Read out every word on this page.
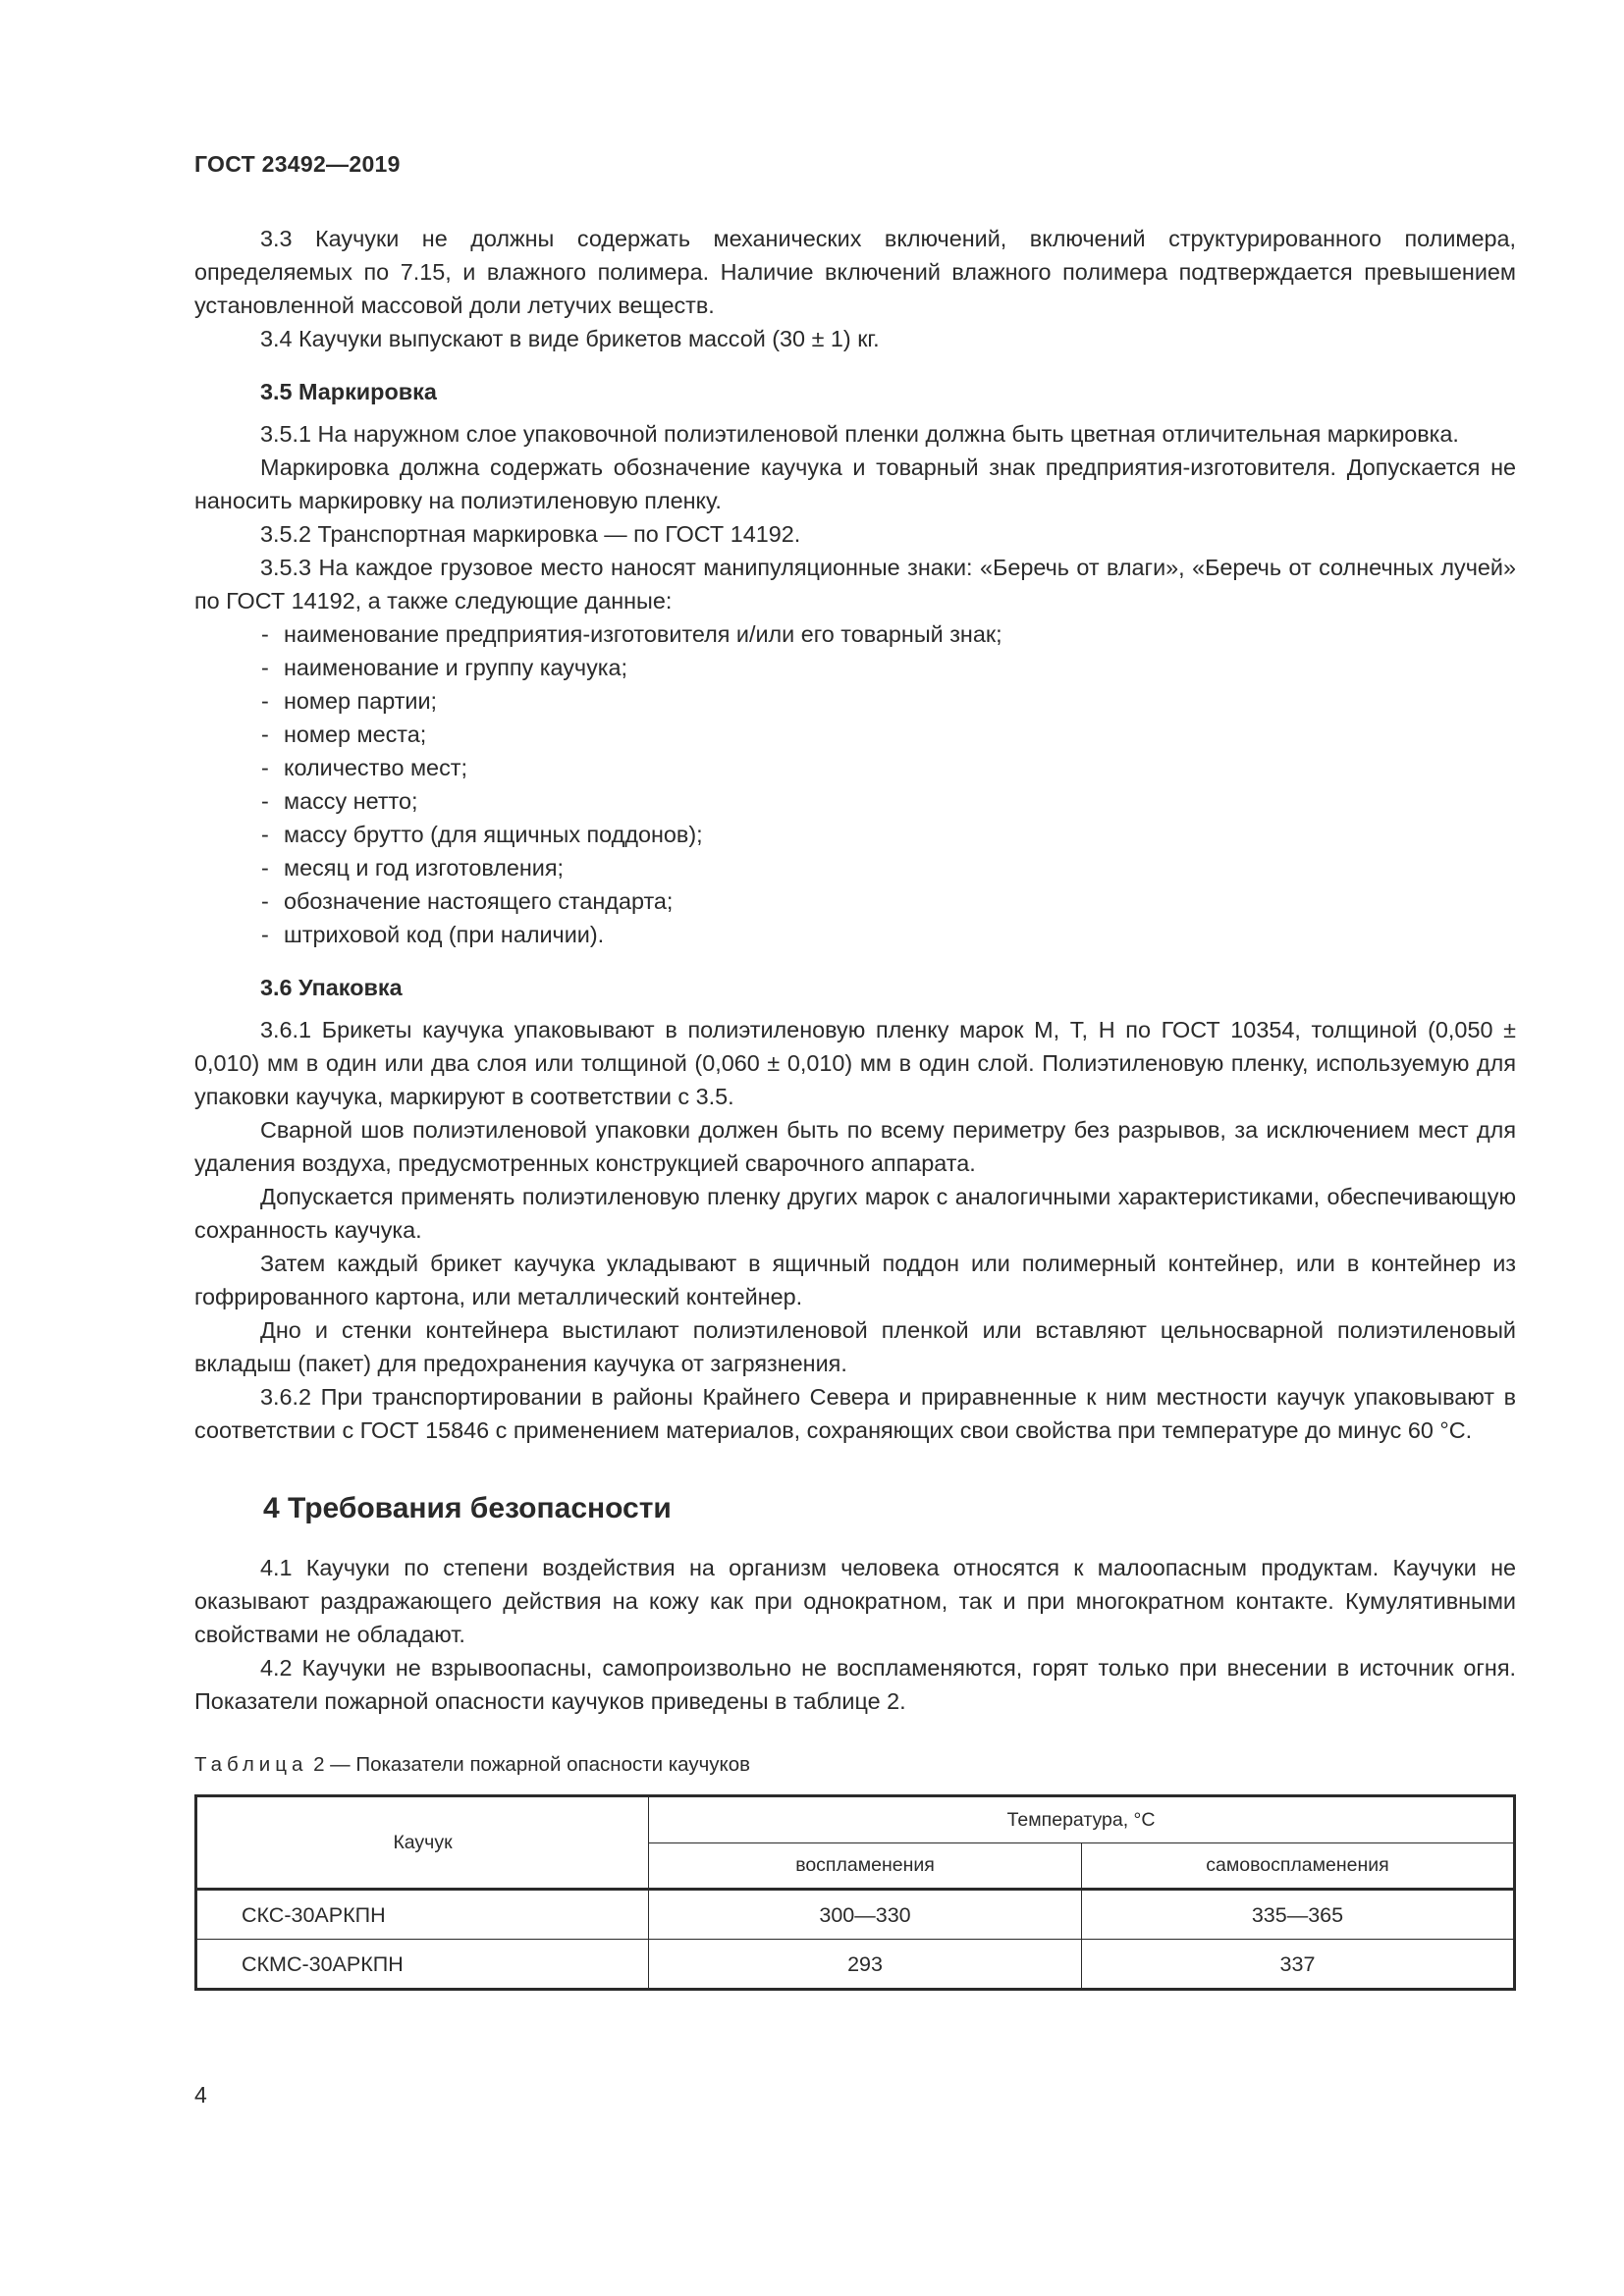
ГОСТ 23492—2019

3.3 Каучуки не должны содержать механических включений, включений структурированного полимера, определяемых по 7.15, и влажного полимера. Наличие включений влажного полимера подтверждается превышением установленной массовой доли летучих веществ.

3.4 Каучуки выпускают в виде брикетов массой (30 ± 1) кг.

3.5 Маркировка

3.5.1 На наружном слое упаковочной полиэтиленовой пленки должна быть цветная отличительная маркировка.

Маркировка должна содержать обозначение каучука и товарный знак предприятия-изготовителя. Допускается не наносить маркировку на полиэтиленовую пленку.

3.5.2 Транспортная маркировка — по ГОСТ 14192.

3.5.3 На каждое грузовое место наносят манипуляционные знаки: «Беречь от влаги», «Беречь от солнечных лучей» по ГОСТ 14192, а также следующие данные:

- наименование предприятия-изготовителя и/или его товарный знак;
- наименование и группу каучука;
- номер партии;
- номер места;
- количество мест;
- массу нетто;
- массу брутто (для ящичных поддонов);
- месяц и год изготовления;
- обозначение настоящего стандарта;
- штриховой код (при наличии).
3.6 Упаковка

3.6.1 Брикеты каучука упаковывают в полиэтиленовую пленку марок М, Т, Н по ГОСТ 10354, толщиной (0,050 ± 0,010) мм в один или два слоя или толщиной (0,060 ± 0,010) мм в один слой. Полиэтиленовую пленку, используемую для упаковки каучука, маркируют в соответствии с 3.5.

Сварной шов полиэтиленовой упаковки должен быть по всему периметру без разрывов, за исключением мест для удаления воздуха, предусмотренных конструкцией сварочного аппарата.

Допускается применять полиэтиленовую пленку других марок с аналогичными характеристиками, обеспечивающую сохранность каучука.

Затем каждый брикет каучука укладывают в ящичный поддон или полимерный контейнер, или в контейнер из гофрированного картона, или металлический контейнер.

Дно и стенки контейнера выстилают полиэтиленовой пленкой или вставляют цельносварной полиэтиленовый вкладыш (пакет) для предохранения каучука от загрязнения.

3.6.2 При транспортировании в районы Крайнего Севера и приравненные к ним местности каучук упаковывают в соответствии с ГОСТ 15846 с применением материалов, сохраняющих свои свойства при температуре до минус 60 °С.

4 Требования безопасности

4.1 Каучуки по степени воздействия на организм человека относятся к малоопасным продуктам. Каучуки не оказывают раздражающего действия на кожу как при однократном, так и при многократном контакте. Кумулятивными свойствами не обладают.

4.2 Каучуки не взрывоопасны, самопроизвольно не воспламеняются, горят только при внесении в источник огня. Показатели пожарной опасности каучуков приведены в таблице 2.

Таблица 2 — Показатели пожарной опасности каучуков
Каучук	Температура, °С	
	воспламенения	самовоспламенения
СКС-30АРКПН	300—330	335—365
СКМС-30АРКПН	293	337
4
